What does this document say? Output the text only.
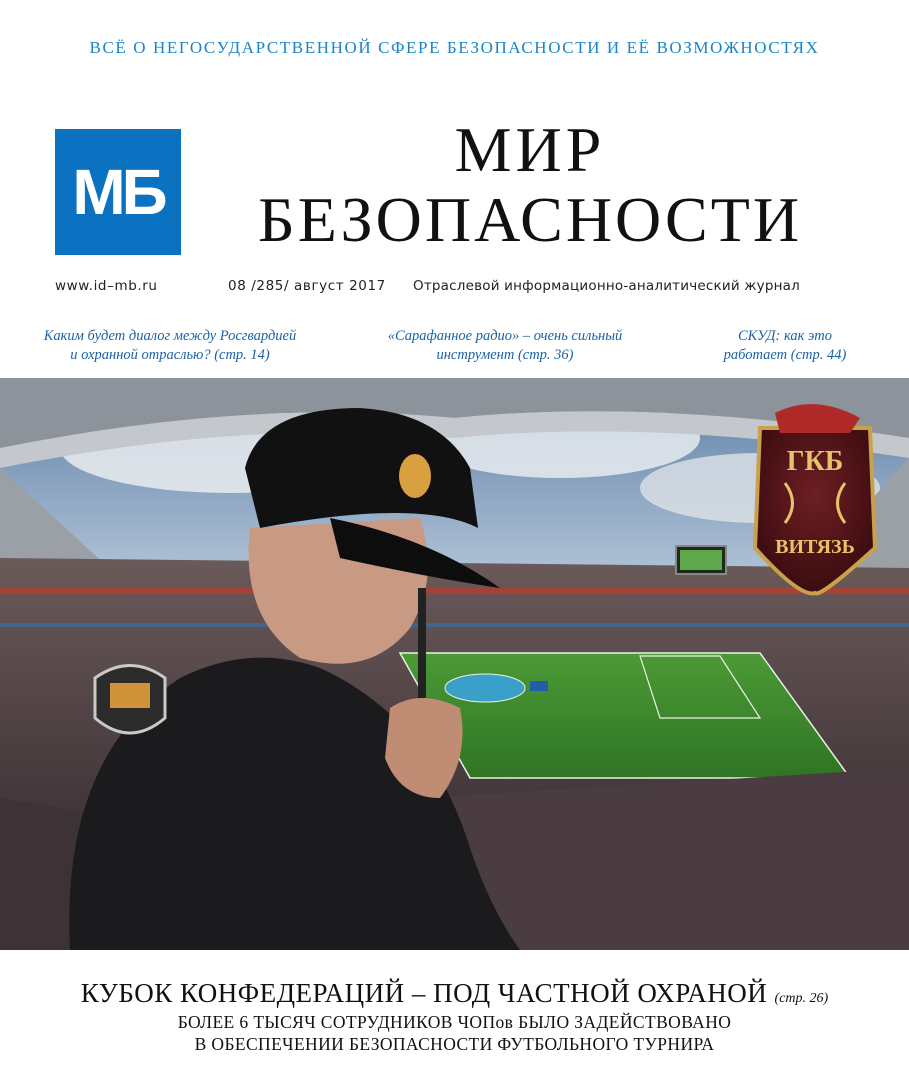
ВСЁ О НЕГОСУДАРСТВЕННОЙ СФЕРЕ БЕЗОПАСНОСТИ И ЕЁ ВОЗМОЖНОСТЯХ
МБ
МИР
БЕЗОПАСНОСТИ
www.id–mb.ru	08 /285/ август 2017 Отраслевой информационно-аналитический журнал
Каким будет диалог между Росгвардией
и охранной отраслью? (стр. 14)
«Сарафанное радио» – очень сильный
инструмент (стр. 36)
СКУД: как это
работает (стр. 44)
ГКБ
ВИТЯЗЬ
КУБОК КОНФЕДЕРАЦИЙ – ПОД ЧАСТНОЙ ОХРАНОЙ (стр. 26)
БОЛЕЕ 6 ТЫСЯЧ СОТРУДНИКОВ ЧОПов БЫЛО ЗАДЕЙСТВОВАНО
В ОБЕСПЕЧЕНИИ БЕЗОПАСНОСТИ ФУТБОЛЬНОГО ТУРНИРА
